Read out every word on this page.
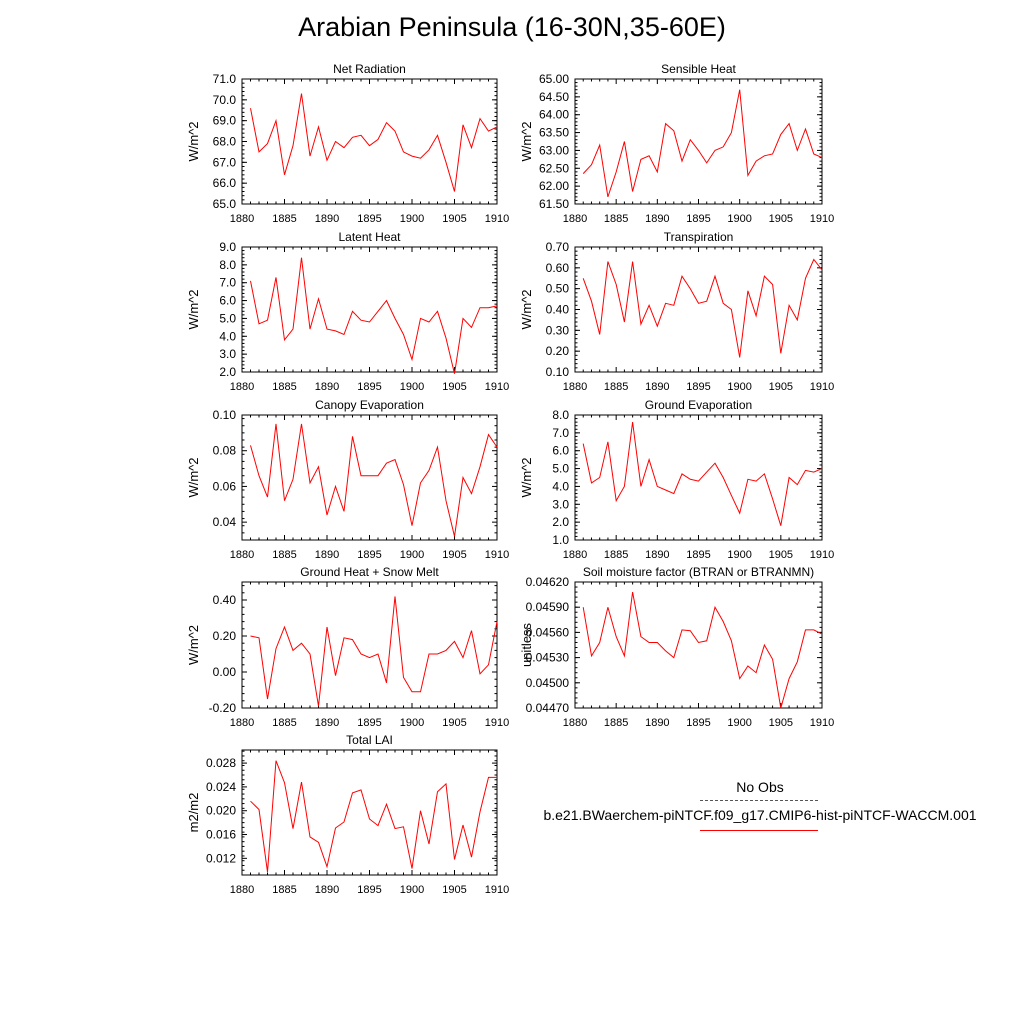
Arabian Peninsula (16-30N,35-60E)
Net Radiation
1880 1885 1890 1895 1900 1905 1910
65.0
66.0
67.0
68.0
69.0
70.0
71.0
W/m^2
Sensible Heat
1880 1885 1890 1895 1900 1905 1910
61.50
62.00
62.50
63.00
63.50
64.00
64.50
65.00
W/m^2
Latent Heat
1880 1885 1890 1895 1900 1905 1910
2.0
3.0
4.0
5.0
6.0
7.0
8.0
9.0
W/m^2
Transpiration
1880 1885 1890 1895 1900 1905 1910
0.10
0.20
0.30
0.40
0.50
0.60
0.70
W/m^2
Canopy Evaporation
1880 1885 1890 1895 1900 1905 1910
0.04
0.06
0.08
0.10
W/m^2
Ground Evaporation
1880 1885 1890 1895 1900 1905 1910
1.0
2.0
3.0
4.0
5.0
6.0
7.0
8.0
W/m^2
Ground Heat + Snow Melt
1880 1885 1890 1895 1900 1905 1910
-0.20
0.00
0.20
0.40
W/m^2
Soil moisture factor (BTRAN or BTRANMN)
1880 1885 1890 1895 1900 1905 1910
0.04470
0.04500
0.04530
0.04560
0.04590
0.04620
unitless
Total LAI
1880 1885 1890 1895 1900 1905 1910
0.012
0.016
0.020
0.024
0.028
m2/m2
No Obs
b.e21.BWaerchem-piNTCF.f09_g17.CMIP6-hist-piNTCF-WACCM.001
